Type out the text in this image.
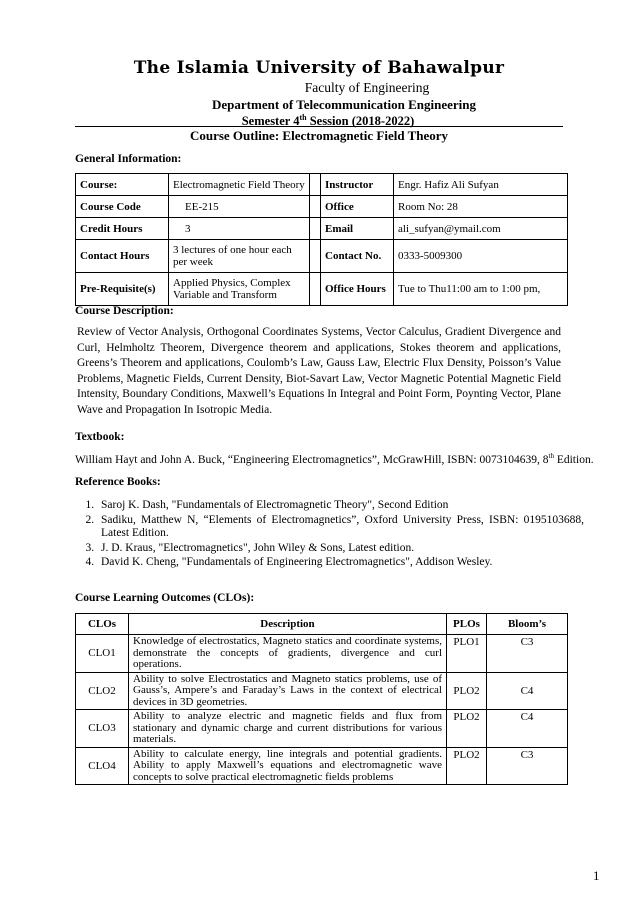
The Islamia University of Bahawalpur
Faculty of Engineering
Department of Telecommunication Engineering
Semester 4th Session (2018-2022)
Course Outline: Electromagnetic Field Theory
General Information:
Course:	Electromagnetic Field Theory		Instructor	Engr. Hafiz Ali Sufyan
Course Code	EE-215		Office	Room No: 28
Credit Hours	3		Email	ali_sufyan@ymail.com
Contact Hours	3 lectures of one hour each per week		Contact No.	0333-5009300
Pre-Requisite(s)	Applied Physics, Complex Variable and Transform		Office Hours	Tue to Thu11:00 am to 1:00 pm,
Course Description:
Review of Vector Analysis, Orthogonal Coordinates Systems, Vector Calculus, Gradient Divergence and Curl, Helmholtz Theorem, Divergence theorem and applications, Stokes theorem and applications, Greens’s Theorem and applications, Coulomb’s Law, Gauss Law, Electric Flux Density, Poisson’s Value Problems, Magnetic Fields, Current Density, Biot-Savart Law, Vector Magnetic Potential Magnetic Field Intensity, Boundary Conditions, Maxwell’s Equations In Integral and Point Form, Poynting Vector, Plane Wave and Propagation In Isotropic Media.
Textbook:
William Hayt and John A. Buck, “Engineering Electromagnetics”, McGrawHill, ISBN: 0073104639, 8th Edition.
Reference Books:
1. Saroj K. Dash, "Fundamentals of Electromagnetic Theory", Second Edition
2. Sadiku, Matthew N, “Elements of Electromagnetics”, Oxford University Press, ISBN: 0195103688, Latest Edition.
3. J. D. Kraus, "Electromagnetics", John Wiley & Sons, Latest edition.
4. David K. Cheng, "Fundamentals of Engineering Electromagnetics", Addison Wesley.
Course Learning Outcomes (CLOs):
CLOs	Description	PLOs	Bloom’s
CLO1	Knowledge of electrostatics, Magneto statics and coordinate systems, demonstrate the concepts of gradients, divergence and curl operations.	PLO1	C3
CLO2	Ability to solve Electrostatics and Magneto statics problems, use of Gauss’s, Ampere’s and Faraday’s Laws in the context of electrical devices in 3D geometries.	PLO2	C4
CLO3	Ability to analyze electric and magnetic fields and flux from stationary and dynamic charge and current distributions for various materials.	PLO2	C4
CLO4	Ability to calculate energy, line integrals and potential gradients. Ability to apply Maxwell’s equations and electromagnetic wave concepts to solve practical electromagnetic fields problems	PLO2	C3
1
